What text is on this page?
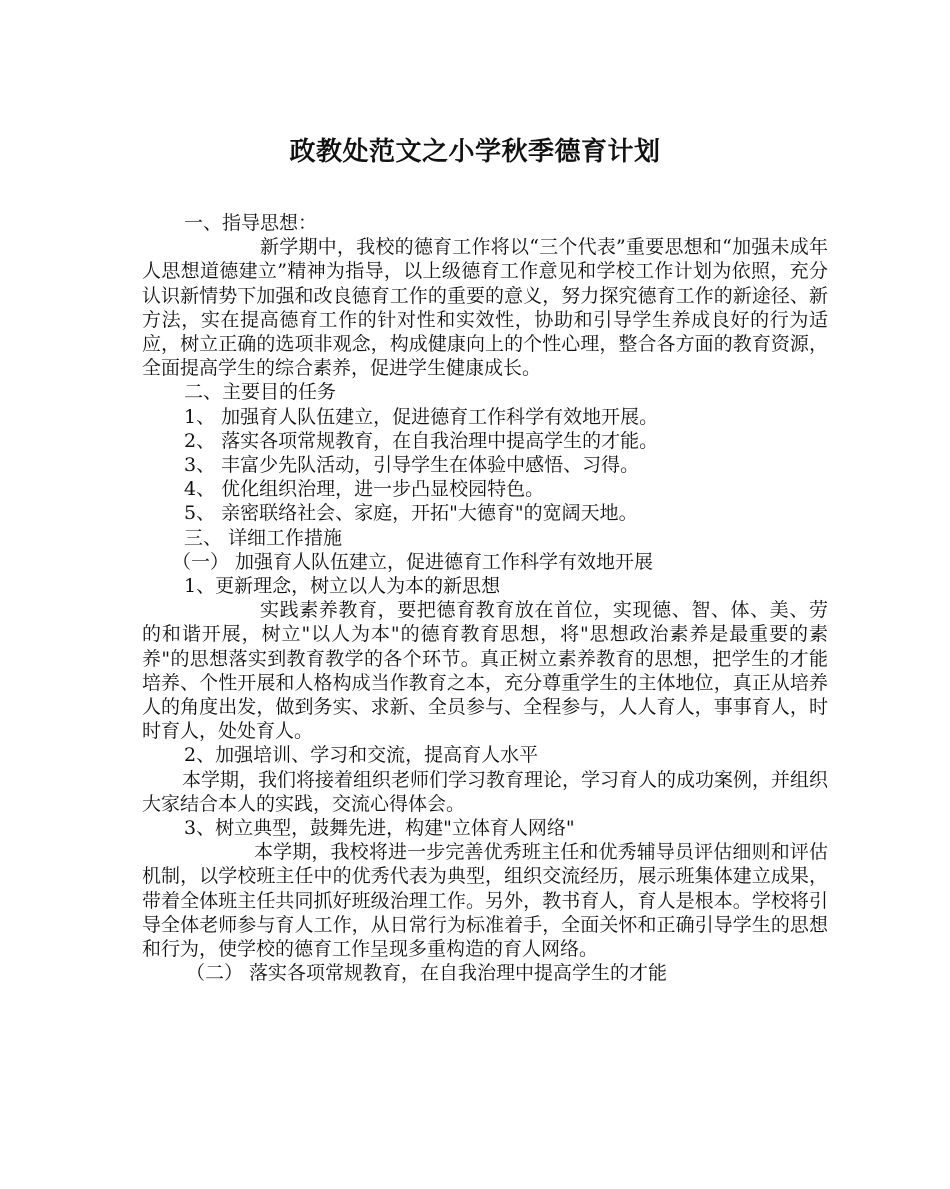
政教处范文之小学秋季德育计划

一、指导思想：

新学期中，我校的德育工作将以“三个代表”重要思想和“加强未成年人思想道德建立”精神为指导，以上级德育工作意见和学校工作计划为依照，充分认识新情势下加强和改良德育工作的重要的意义，努力探究德育工作的新途径、新方法，实在提高德育工作的针对性和实效性，协助和引导学生养成良好的行为适应，树立正确的选项非观念，构成健康向上的个性心理，整合各方面的教育资源，全面提高学生的综合素养，促进学生健康成长。

二、主要目的任务

1、 加强育人队伍建立，促进德育工作科学有效地开展。

2、 落实各项常规教育，在自我治理中提高学生的才能。

3、 丰富少先队活动，引导学生在体验中感悟、习得。

4、 优化组织治理，进一步凸显校园特色。

5、 亲密联络社会、家庭，开拓"大德育"的宽阔天地。

三、 详细工作措施

（一） 加强育人队伍建立，促进德育工作科学有效地开展

1、更新理念，树立以人为本的新思想

实践素养教育，要把德育教育放在首位，实现德、智、体、美、劳的和谐开展，树立"以人为本"的德育教育思想，将"思想政治素养是最重要的素养"的思想落实到教育教学的各个环节。真正树立素养教育的思想，把学生的才能培养、个性开展和人格构成当作教育之本，充分尊重学生的主体地位，真正从培养人的角度出发，做到务实、求新、全员参与、全程参与，人人育人，事事育人，时时育人，处处育人。

2、加强培训、学习和交流，提高育人水平

本学期，我们将接着组织老师们学习教育理论，学习育人的成功案例，并组织大家结合本人的实践，交流心得体会。

3、树立典型，鼓舞先进，构建"立体育人网络"

本学期，我校将进一步完善优秀班主任和优秀辅导员评估细则和评估机制，以学校班主任中的优秀代表为典型，组织交流经历，展示班集体建立成果，带着全体班主任共同抓好班级治理工作。另外，教书育人，育人是根本。学校将引导全体老师参与育人工作，从日常行为标准着手，全面关怀和正确引导学生的思想和行为，使学校的德育工作呈现多重构造的育人网络。

（二） 落实各项常规教育，在自我治理中提高学生的才能
